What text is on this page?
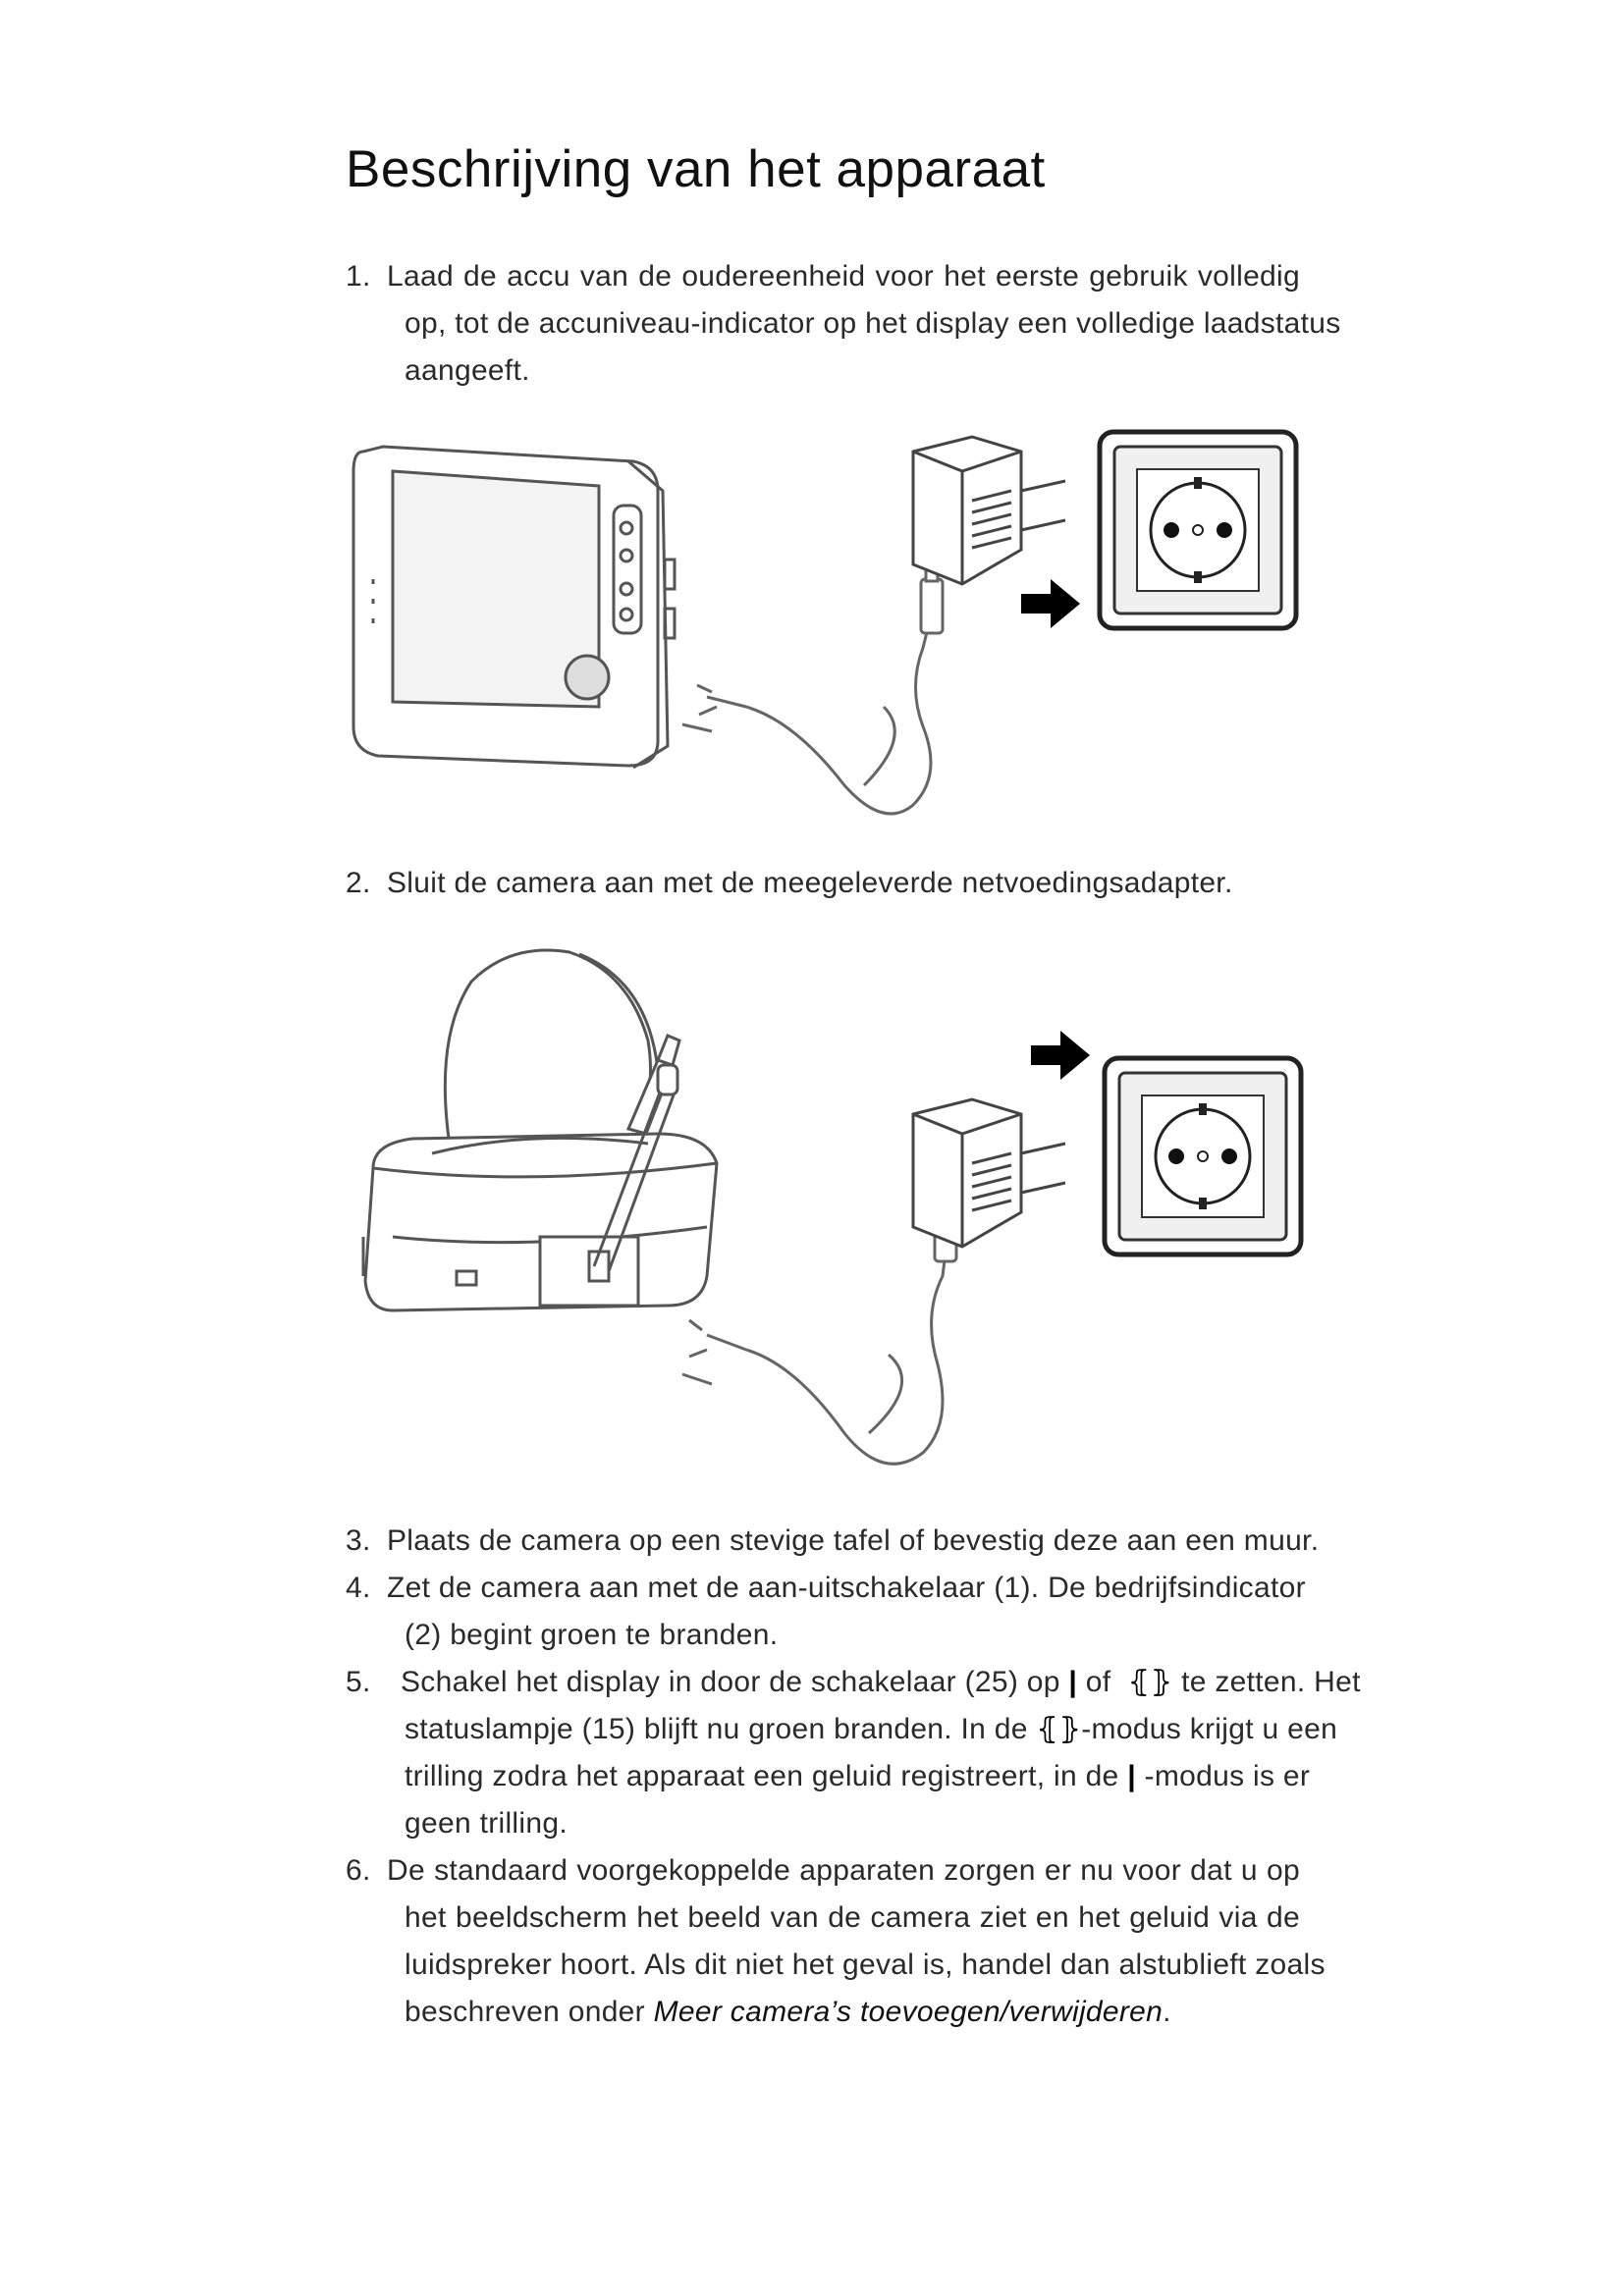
Beschrijving van het apparaat
1. Laad de accu van de oudereenheid voor het eerste gebruik volledig
op, tot de accuniveau-indicator op het display een volledige laadstatus
aangeeft.
2. Sluit de camera aan met de meegeleverde netvoedingsadapter.
3. Plaats de camera op een stevige tafel of bevestig deze aan een muur.
4. Zet de camera aan met de aan-uitschakelaar (1). De bedrijfsindicator
(2) begint groen te branden.
5.	Schakel het display in door de schakelaar (25) op | of ⦃⦄ te zetten. Het
statuslampje (15) blijft nu groen branden. In de ⦃⦄-modus krijgt u een
trilling zodra het apparaat een geluid registreert, in de | -modus is er
geen trilling.
6. De standaard voorgekoppelde apparaten zorgen er nu voor dat u op
het beeldscherm het beeld van de camera ziet en het geluid via de
luidspreker hoort. Als dit niet het geval is, handel dan alstublieft zoals
beschreven onder Meer camera’s toevoegen/verwijderen.
